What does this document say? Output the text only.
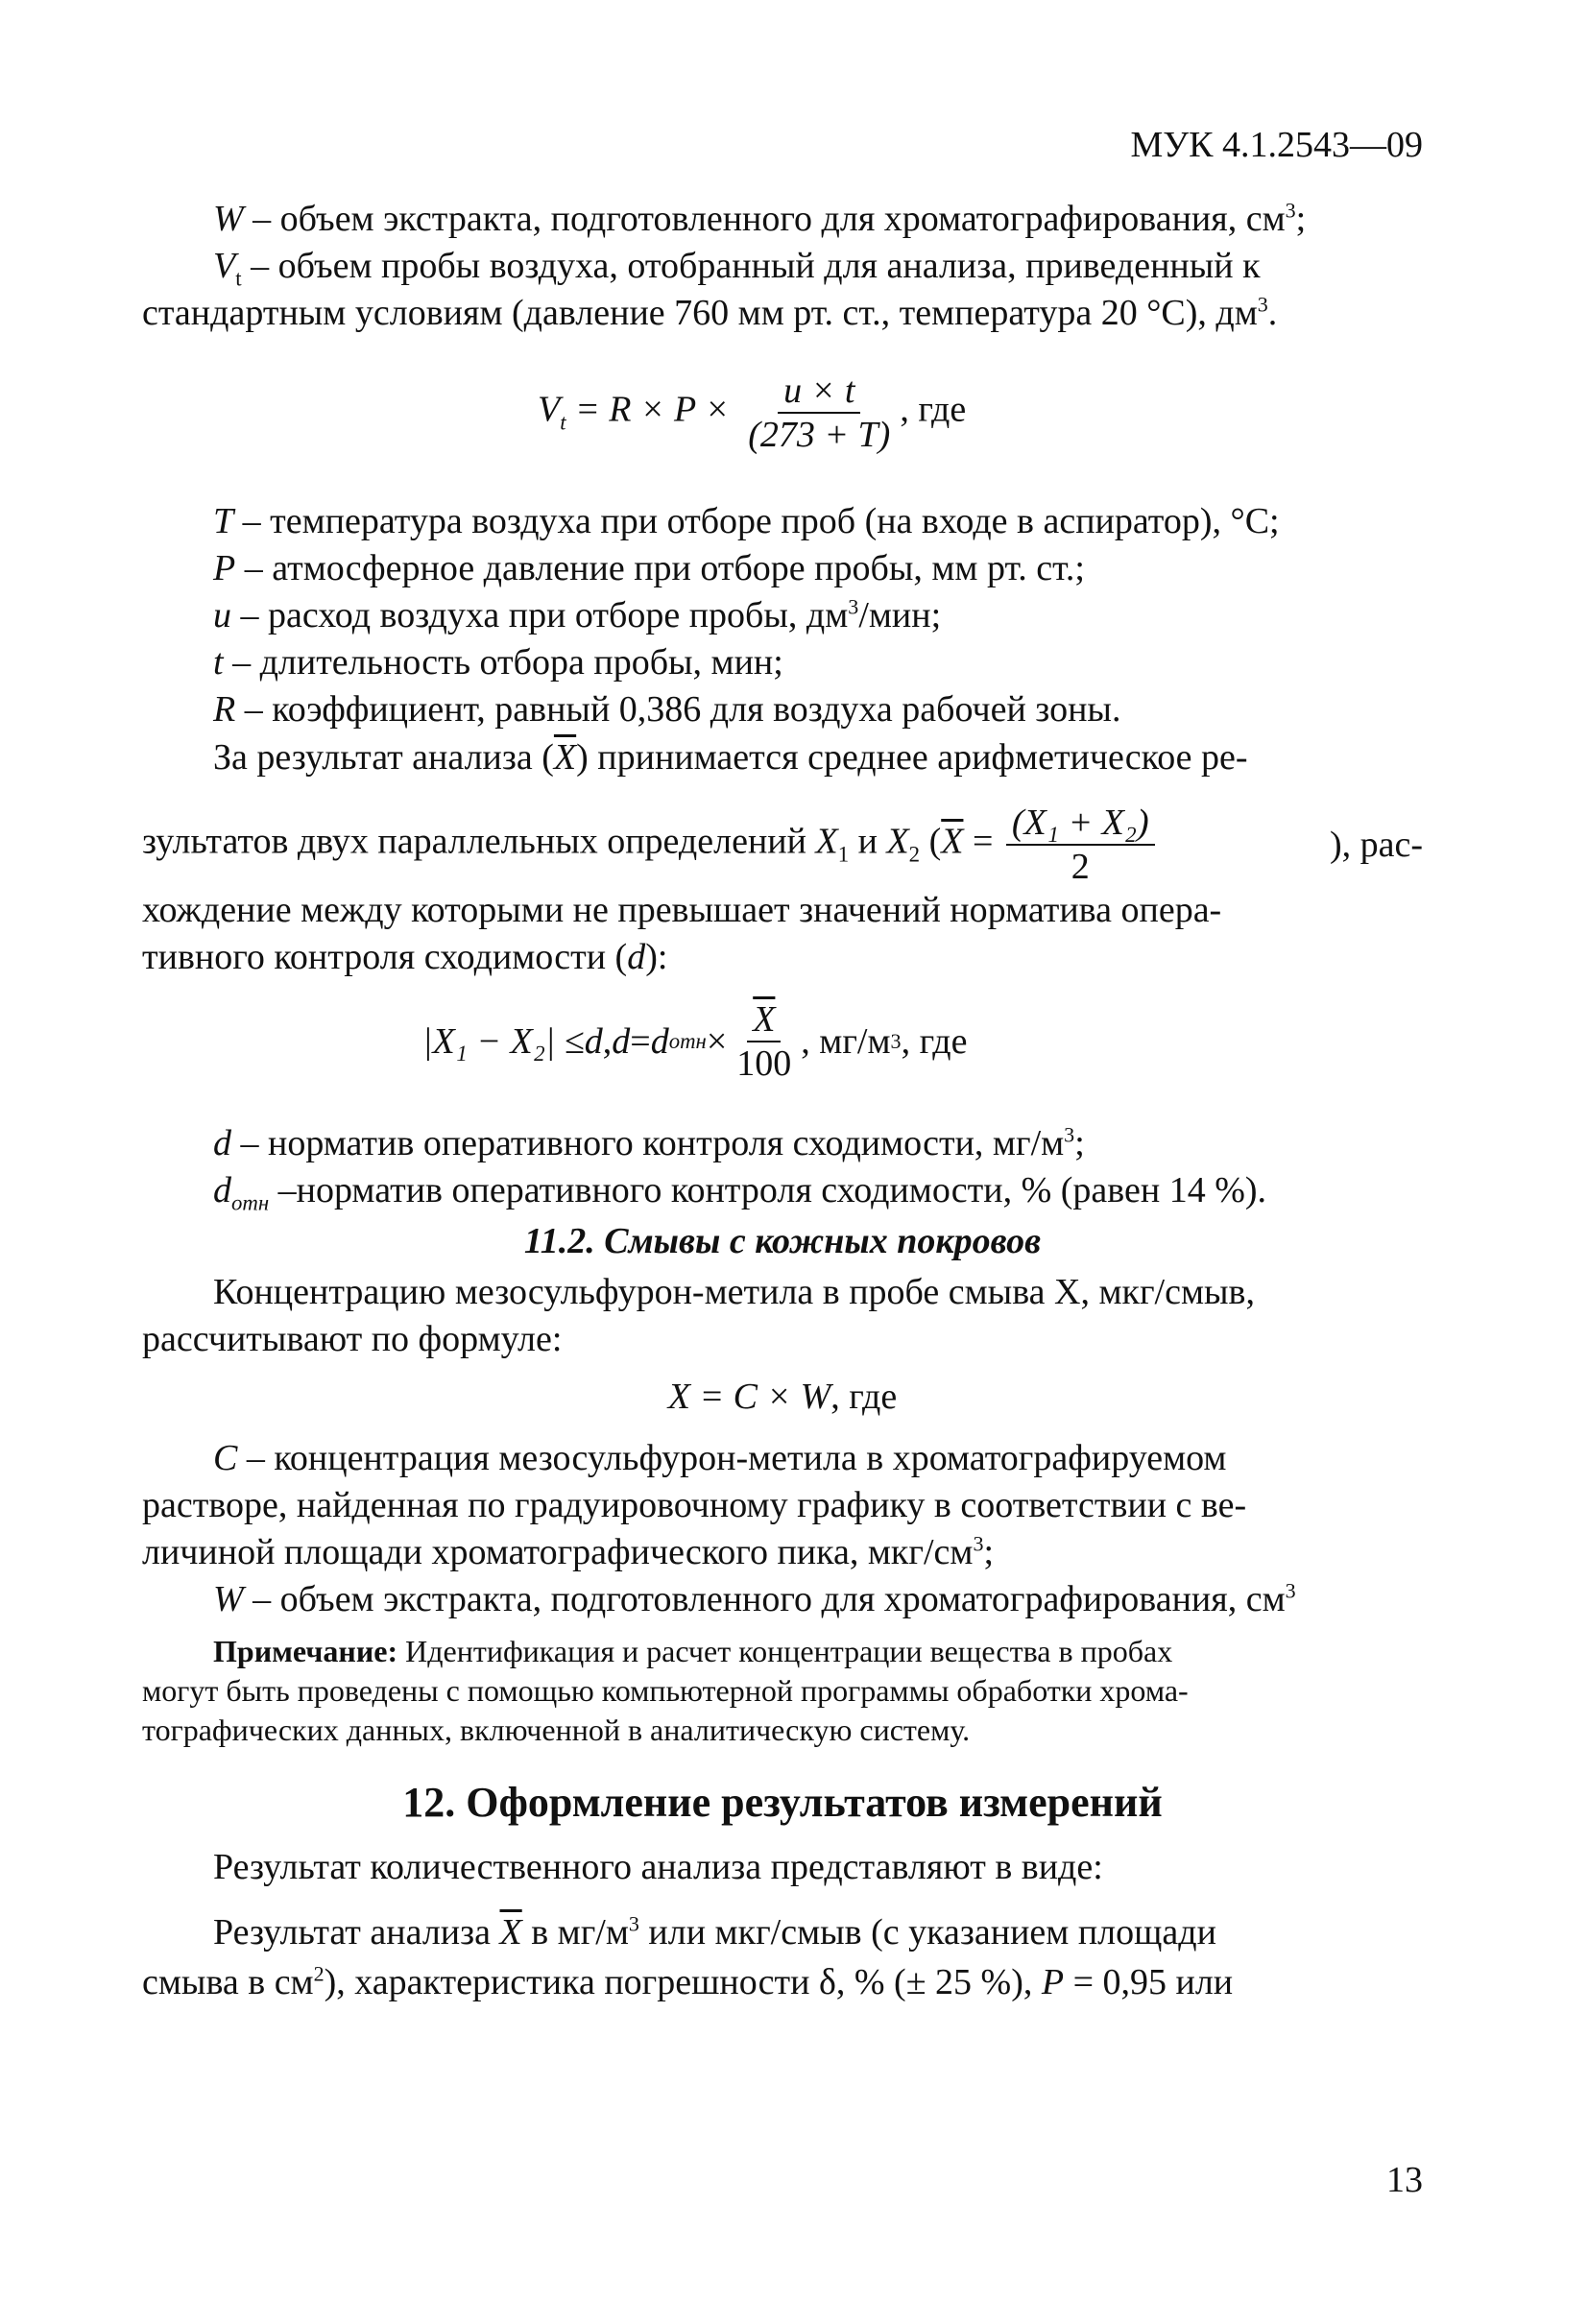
МУК 4.1.2543—09
W – объем экстракта, подготовленного для хроматографирования, $см^3$;
$V_t$ – объем пробы воздуха, отобранный для анализа, приведенный к
стандартным условиям (давление 760 мм рт. ст., температура 20 °С), $дм^3$.
$V_t = R \times P \times \frac{u \times t}{(273 + T)}$ , где
T – температура воздуха при отборе проб (на входе в аспиратор), °С;
P – атмосферное давление при отборе пробы, мм рт. ст.;
u – расход воздуха при отборе пробы, $дм^3$/мин;
t – длительность отбора пробы, мин;
R – коэффициент, равный 0,386 для воздуха рабочей зоны.
За результат анализа $(\overline{X})$ принимается среднее арифметическое ре-
зультатов двух параллельных определений $X_1$ и $X_2$ ($\overline{X} = \frac{\text{(X₁ + X₂)}}{2}$	), рас-
хождение между которыми не превышает значений норматива опера-
тивного контроля сходимости (d):
|X₁ − X₂| ≤ d , d = d отн × $\frac{\overline{X}}{100}$ , мг/м 3 , где
d – норматив оперативного контроля сходимости, $мг/м^3$;
$d_{отн}$ –норматив оперативного контроля сходимости, % (равен 14 %).
11.2. Смывы с кожных покровов
Концентрацию мезосульфурон-метила в пробе смыва X, мкг/смыв,
рассчитывают по формуле:
X = C × W, где
C – концентрация мезосульфурон-метила в хроматографируемом
растворе, найденная по градуировочному графику в соответствии с ве-
личиной площади хроматографического пика, мкг/$см^3$;
W – объем экстракта, подготовленного для хроматографирования, $см^3$
Примечание: Идентификация и расчет концентрации вещества в пробах
могут быть проведены с помощью компьютерной программы обработки хрома-
тографических данных, включенной в аналитическую систему.
12. Оформление результатов измерений
Результат количественного анализа представляют в виде:
Результат анализа $\overline{X}$ в $мг/м^3$ или мкг/смыв (с указанием площади
смыва в $см^2$), характеристика погрешности δ, % (± 25 %), P = 0,95 или
13
